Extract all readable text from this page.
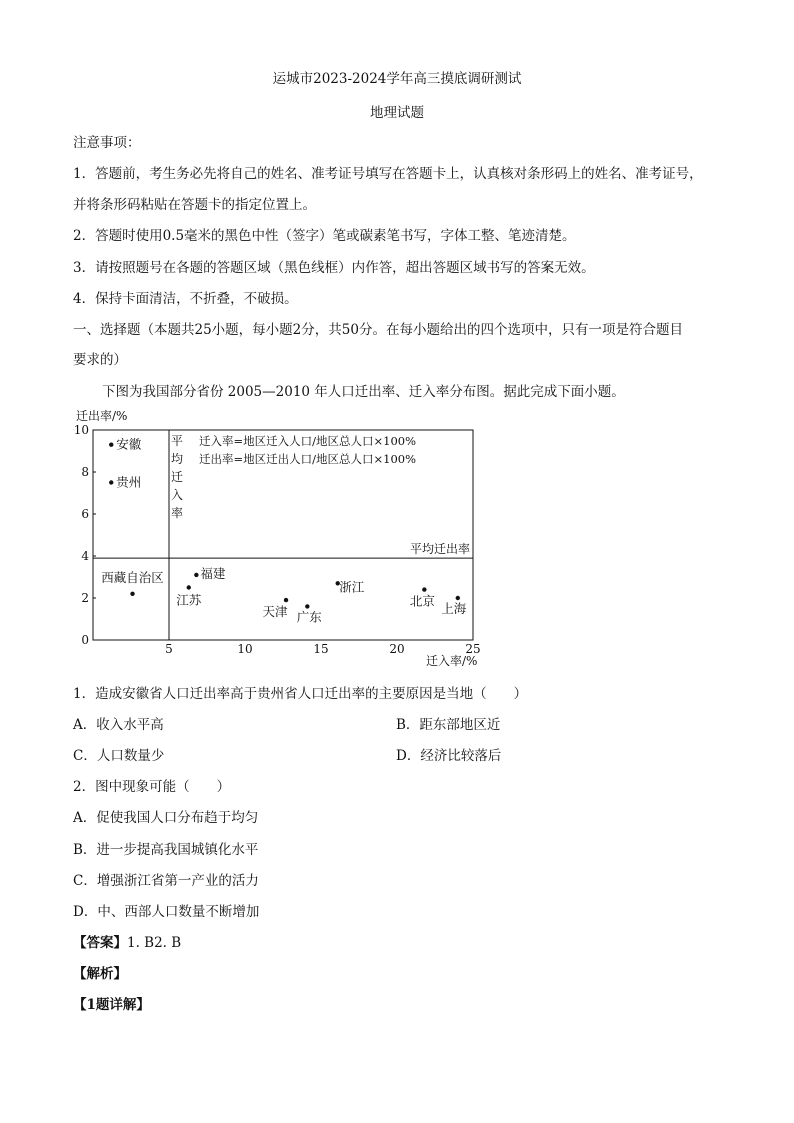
运城市2023-2024学年高三摸底调研测试
地理试题
注意事项：
1．答题前，考生务必先将自己的姓名、准考证号填写在答题卡上，认真核对条形码上的姓名、准考证号，
并将条形码粘贴在答题卡的指定位置上。
2．答题时使用0.5毫米的黑色中性（签字）笔或碳素笔书写，字体工整、笔迹清楚。
3．请按照题号在各题的答题区域（黑色线框）内作答，超出答题区域书写的答案无效。
4．保持卡面清洁，不折叠，不破损。
一、选择题（本题共25小题，每小题2分，共50分。在每小题给出的四个选项中，只有一项是符合题目
要求的）
下图为我国部分省份 2005—2010 年人口迁出率、迁入率分布图。据此完成下面小题。
迁出率/%
迁入率/%
0
2
4
6
8
10
5	10	15	20	25
平
均
迁
入
率
平均迁出率
迁入率=地区迁入人口/地区总人口×100%
迁出率=地区迁出人口/地区总人口×100%
安徽
贵州
西藏自治区
江苏
福建
天津 广东
浙江
北京 上海
1．造成安徽省人口迁出率高于贵州省人口迁出率的主要原因是当地（　　）
A．收入水平高	B．距东部地区近
C．人口数量少	D．经济比较落后
2．图中现象可能（　　）
A．促使我国人口分布趋于均匀
B．进一步提高我国城镇化水平
C．增强浙江省第一产业的活力
D．中、西部人口数量不断增加
【答案】1. B2. B
【解析】
【1题详解】
